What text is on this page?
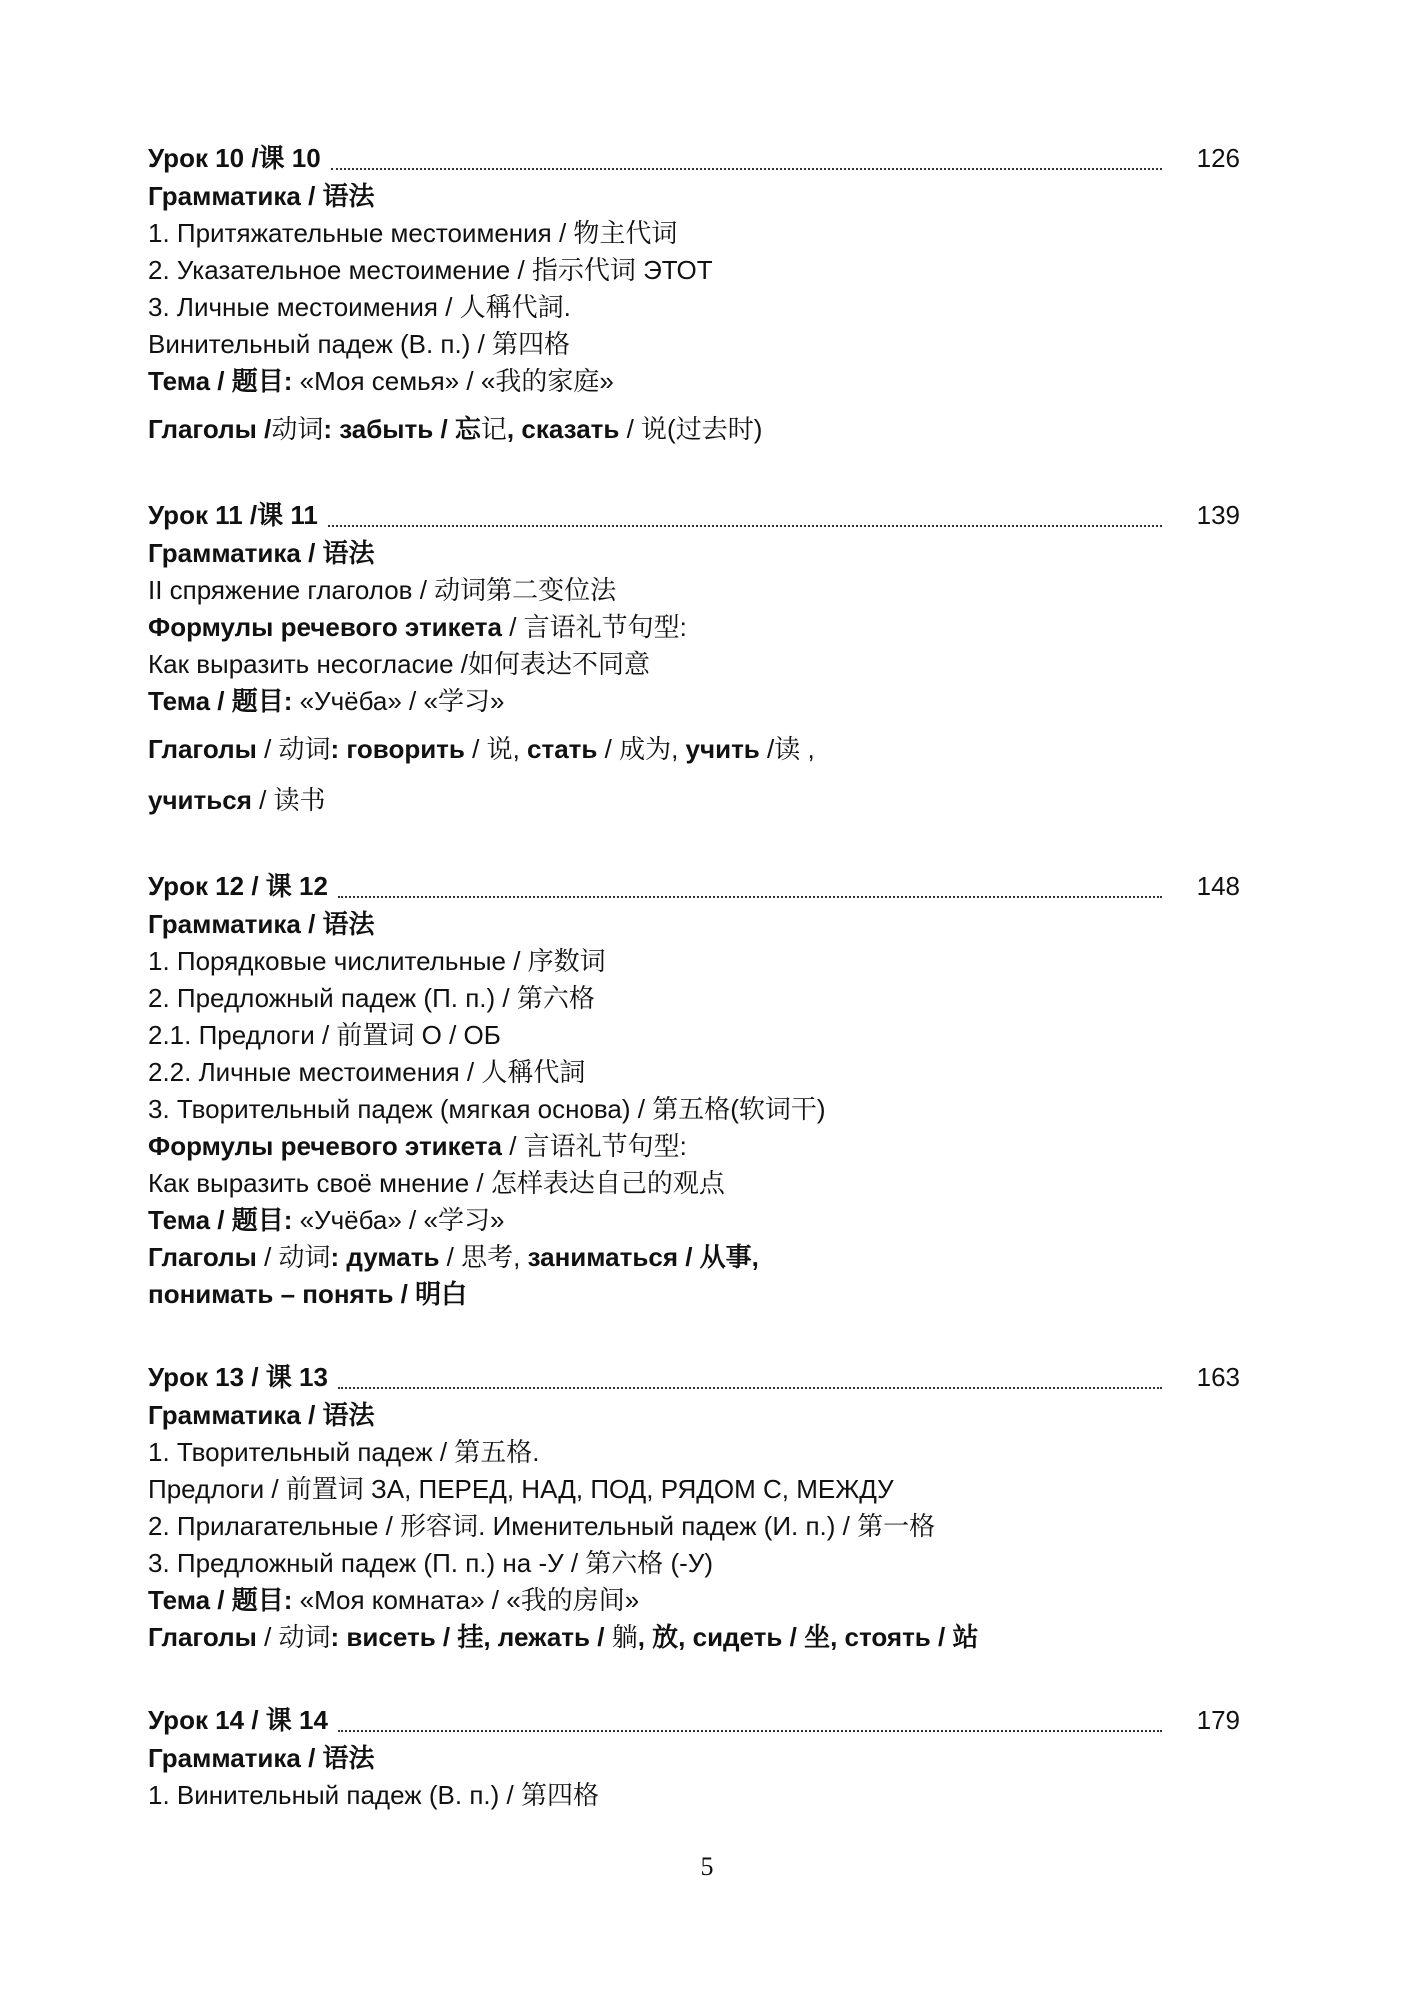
Урок 10 /课 10	126
Грамматика / 语法
1. Притяжательные местоимения / 物主代词
2. Указательное местоимение / 指示代词 ЭТОТ
3. Личные местоимения / 人稱代詞.
Винительный падеж (В. п.) / 第四格
Тема / 题目: «Моя семья» / «我的家庭»
Глаголы /动词: забыть / 忘记, сказать / 说(过去时)
Урок 11 /课 11	139
Грамматика / 语法
II спряжение глаголов / 动词第二变位法
Формулы речевого этикета / 言语礼节句型:
Как выразить несогласие /如何表达不同意
Тема / 题目: «Учёба» / «学习»
Глаголы / 动词: говорить / 说, стать / 成为, учить /读 ,
учиться / 读书
Урок 12 / 课 12	148
Грамматика / 语法
1. Порядковые числительные / 序数词
2. Предложный падеж (П. п.) / 第六格
2.1. Предлоги / 前置词 О / ОБ
2.2. Личные местоимения / 人稱代詞
3. Творительный падеж (мягкая основа) / 第五格(软词干)
Формулы речевого этикета / 言语礼节句型:
Как выразить своё мнение / 怎样表达自己的观点
Тема / 题目: «Учёба» / «学习»
Глаголы / 动词: думать / 思考, заниматься / 从事,
понимать – понять / 明白
Урок 13 / 课 13	163
Грамматика / 语法
1. Творительный падеж / 第五格.
Предлоги / 前置词 ЗА, ПЕРЕД, НАД, ПОД, РЯДОМ С, МЕЖДУ
2. Прилагательные / 形容词. Именительный падеж (И. п.) / 第一格
3. Предложный падеж (П. п.) на -У / 第六格 (-У)
Тема / 题目: «Моя комната» / «我的房间»
Глаголы / 动词: висеть / 挂, лежать / 躺, 放, сидеть / 坐, стоять / 站
Урок 14 / 课 14	179
Грамматика / 语法
1. Винительный падеж (В. п.) / 第四格
5
